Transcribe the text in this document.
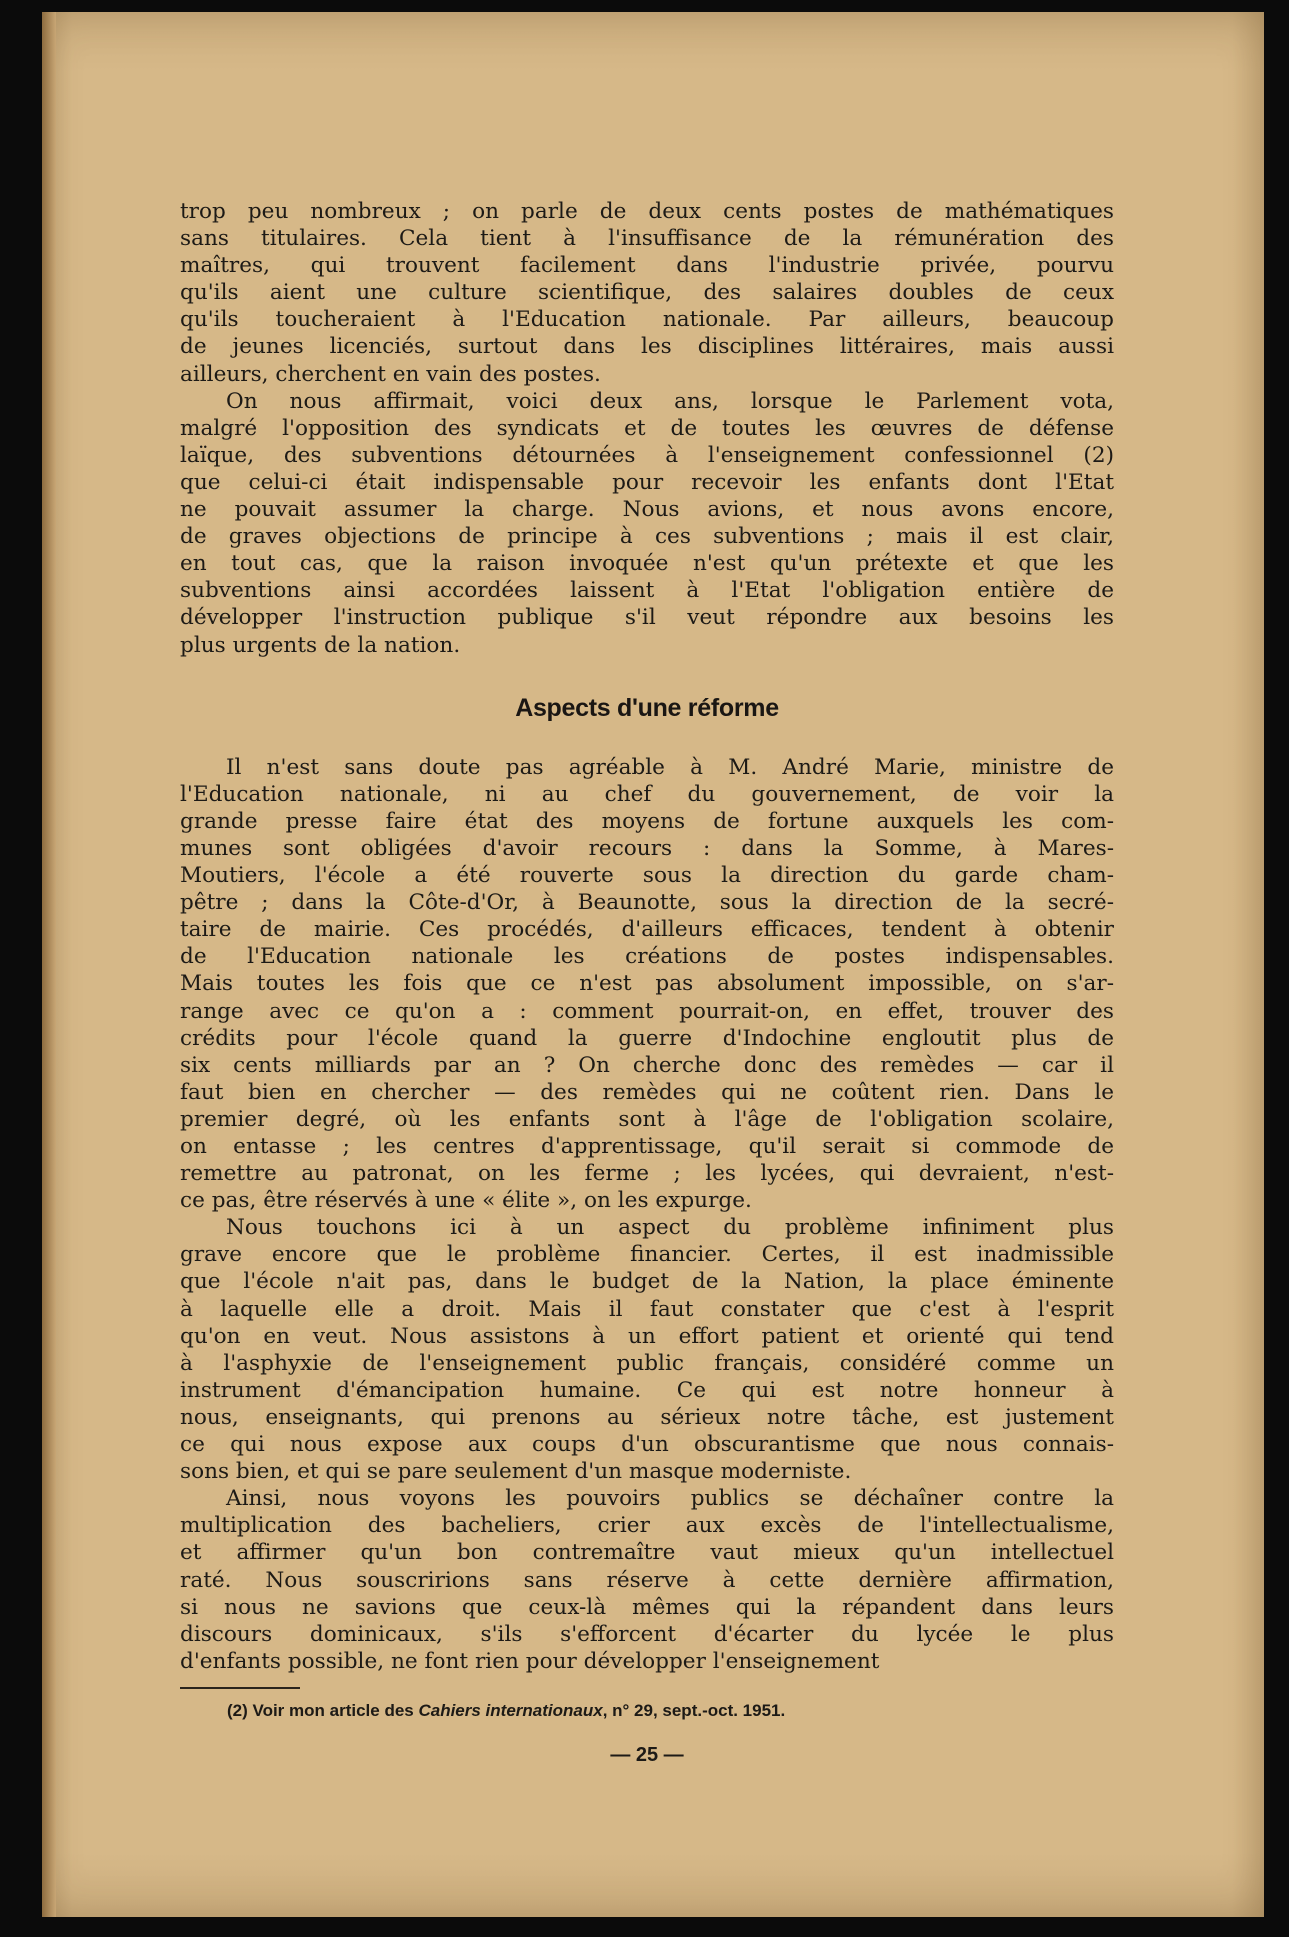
trop peu nombreux ; on parle de deux cents postes de mathématiques
sans titulaires. Cela tient à l'insuffisance de la rémunération des
maîtres, qui trouvent facilement dans l'industrie privée, pourvu
qu'ils aient une culture scientifique, des salaires doubles de ceux
qu'ils toucheraient à l'Education nationale. Par ailleurs, beaucoup
de jeunes licenciés, surtout dans les disciplines littéraires, mais aussi
ailleurs, cherchent en vain des postes.

On nous affirmait, voici deux ans, lorsque le Parlement vota,
malgré l'opposition des syndicats et de toutes les œuvres de défense
laïque, des subventions détournées à l'enseignement confessionnel (2)
que celui-ci était indispensable pour recevoir les enfants dont l'Etat
ne pouvait assumer la charge. Nous avions, et nous avons encore,
de graves objections de principe à ces subventions ; mais il est clair,
en tout cas, que la raison invoquée n'est qu'un prétexte et que les
subventions ainsi accordées laissent à l'Etat l'obligation entière de
développer l'instruction publique s'il veut répondre aux besoins les
plus urgents de la nation.

Aspects d'une réforme

Il n'est sans doute pas agréable à M. André Marie, ministre de
l'Education nationale, ni au chef du gouvernement, de voir la
grande presse faire état des moyens de fortune auxquels les com-
munes sont obligées d'avoir recours : dans la Somme, à Mares-
Moutiers, l'école a été rouverte sous la direction du garde cham-
pêtre ; dans la Côte-d'Or, à Beaunotte, sous la direction de la secré-
taire de mairie. Ces procédés, d'ailleurs efficaces, tendent à obtenir
de l'Education nationale les créations de postes indispensables.
Mais toutes les fois que ce n'est pas absolument impossible, on s'ar-
range avec ce qu'on a : comment pourrait-on, en effet, trouver des
crédits pour l'école quand la guerre d'Indochine engloutit plus de
six cents milliards par an ? On cherche donc des remèdes — car il
faut bien en chercher — des remèdes qui ne coûtent rien. Dans le
premier degré, où les enfants sont à l'âge de l'obligation scolaire,
on entasse ; les centres d'apprentissage, qu'il serait si commode de
remettre au patronat, on les ferme ; les lycées, qui devraient, n'est-
ce pas, être réservés à une « élite », on les expurge.

Nous touchons ici à un aspect du problème infiniment plus
grave encore que le problème financier. Certes, il est inadmissible
que l'école n'ait pas, dans le budget de la Nation, la place éminente
à laquelle elle a droit. Mais il faut constater que c'est à l'esprit
qu'on en veut. Nous assistons à un effort patient et orienté qui tend
à l'asphyxie de l'enseignement public français, considéré comme un
instrument d'émancipation humaine. Ce qui est notre honneur à
nous, enseignants, qui prenons au sérieux notre tâche, est justement
ce qui nous expose aux coups d'un obscurantisme que nous connais-
sons bien, et qui se pare seulement d'un masque moderniste.

Ainsi, nous voyons les pouvoirs publics se déchaîner contre la
multiplication des bacheliers, crier aux excès de l'intellectualisme,
et affirmer qu'un bon contremaître vaut mieux qu'un intellectuel
raté. Nous souscririons sans réserve à cette dernière affirmation,
si nous ne savions que ceux-là mêmes qui la répandent dans leurs
discours dominicaux, s'ils s'efforcent d'écarter du lycée le plus
d'enfants possible, ne font rien pour développer l'enseignement

(2) Voir mon article des Cahiers internationaux, n° 29, sept.-oct. 1951.
— 25 —
